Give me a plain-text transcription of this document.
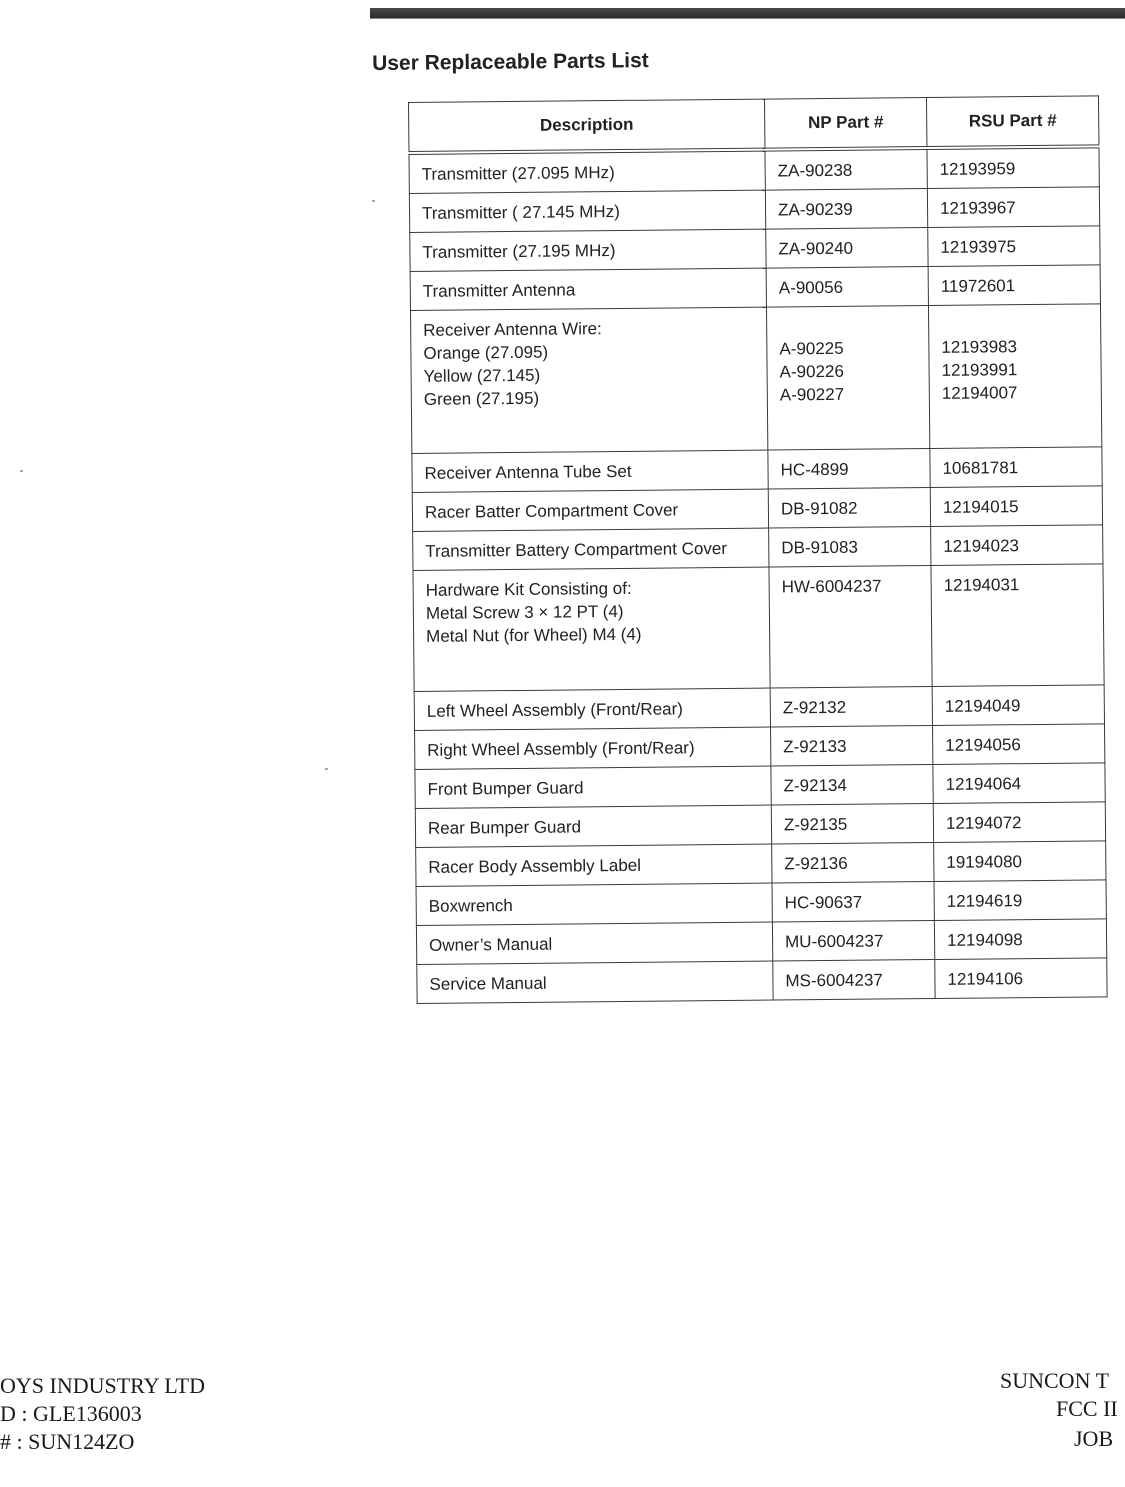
User Replaceable Parts List
Description	NP Part #	RSU Part #

Transmitter (27.095 MHz)	ZA-90238	12193959

Transmitter ( 27.145 MHz)	ZA-90239	12193967

Transmitter (27.195 MHz)	ZA-90240	12193975

Transmitter Antenna	A-90056	11972601

Receiver Antenna Wire:
Orange (27.095)
Yellow (27.145)
Green (27.195)	A-90225
A-90226
A-90227	12193983
12193991
12194007

Receiver Antenna Tube Set	HC-4899	10681781

Racer Batter Compartment Cover	DB-91082	12194015

Transmitter Battery Compartment Cover	DB-91083	12194023

Hardware Kit Consisting of:
Metal Screw 3 × 12 PT (4)
Metal Nut (for Wheel) M4 (4)	HW-6004237	12194031

Left Wheel Assembly (Front/Rear)	Z-92132	12194049

Right Wheel Assembly (Front/Rear)	Z-92133	12194056

Front Bumper Guard	Z-92134	12194064

Rear Bumper Guard	Z-92135	12194072

Racer Body Assembly Label	Z-92136	19194080

Boxwrench	HC-90637	12194619

Owner’s Manual	MU-6004237	12194098

Service Manual	MS-6004237	12194106
OYS INDUSTRY LTD
D : GLE136003
# : SUN124ZO
SUNCON T
FCC II
JOB
